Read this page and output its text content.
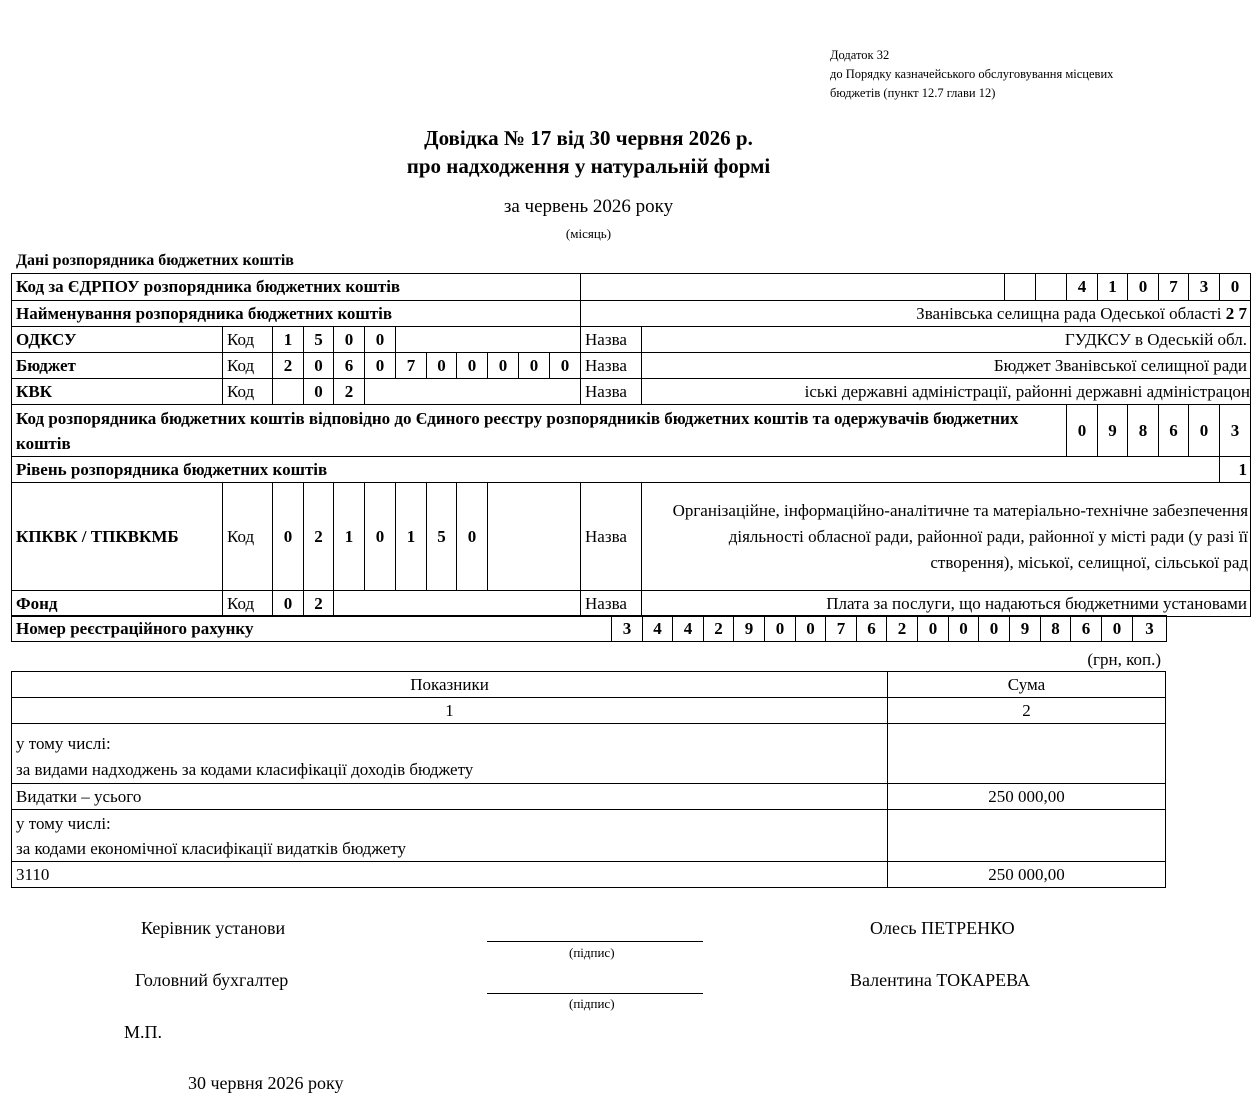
Додаток 32
до Порядку казначейського обслуговування місцевих
бюджетів (пункт 12.7 глави 12)
Довідка № 17 від 30 червня 2026 р.
про надходження у натуральній формі
за червень 2026 року
(місяць)
Дані розпорядника бюджетних коштів
Код за ЄДРПОУ розпорядника бюджетних коштів				4	1	0	7	3	0
Найменування розпорядника бюджетних коштів	Званівська селищна рада Одеської області 2 7
ОДКСУ	Код	1	5	0	0		Назва	ГУДКСУ в Одеській обл.
Бюджет	Код	2	0	6	0	7	0	0	0	0	0	Назва	Бюджет Званівської селищної ради
КВК	Код		0	2		Назва	іські державні адміністрації, районні державні адміністрацон
Код розпорядника бюджетних коштів відповідно до Єдиного реєстру розпорядників бюджетних коштів та одержувачів бюджетних коштів	0	9	8	6	0	3
Рівень розпорядника бюджетних коштів	1
КПКВК / ТПКВКМБ	Код	0	2	1	0	1	5	0		Назва	
Організаційне, інформаційно-аналітичне та матеріально-технічне забезпечення діяльності обласної ради, районної ради, районної у місті ради (у разі її створення), міської, селищної, сільської рад

Фонд	Код	0	2		Назва	Плата за послуги, що надаються бюджетними установами
Номер реєстраційного рахунку	3	4	4	2	9	0	0	7	6	2	0	0	0	9	8	6	0	3
(грн, коп.)
Показники	Сума
1	2

у тому числі:
за видами надходжень за кодами класифікації доходів бюджету	

Видатки – усього	250 000,00

у тому числі:
за кодами економічної класифікації видатків бюджету	

3110	250 000,00
Керівник установи
(підпис)
Олесь ПЕТРЕНКО
Головний бухгалтер
(підпис)
Валентина ТОКАРЕВА
М.П.
30 червня 2026 року
